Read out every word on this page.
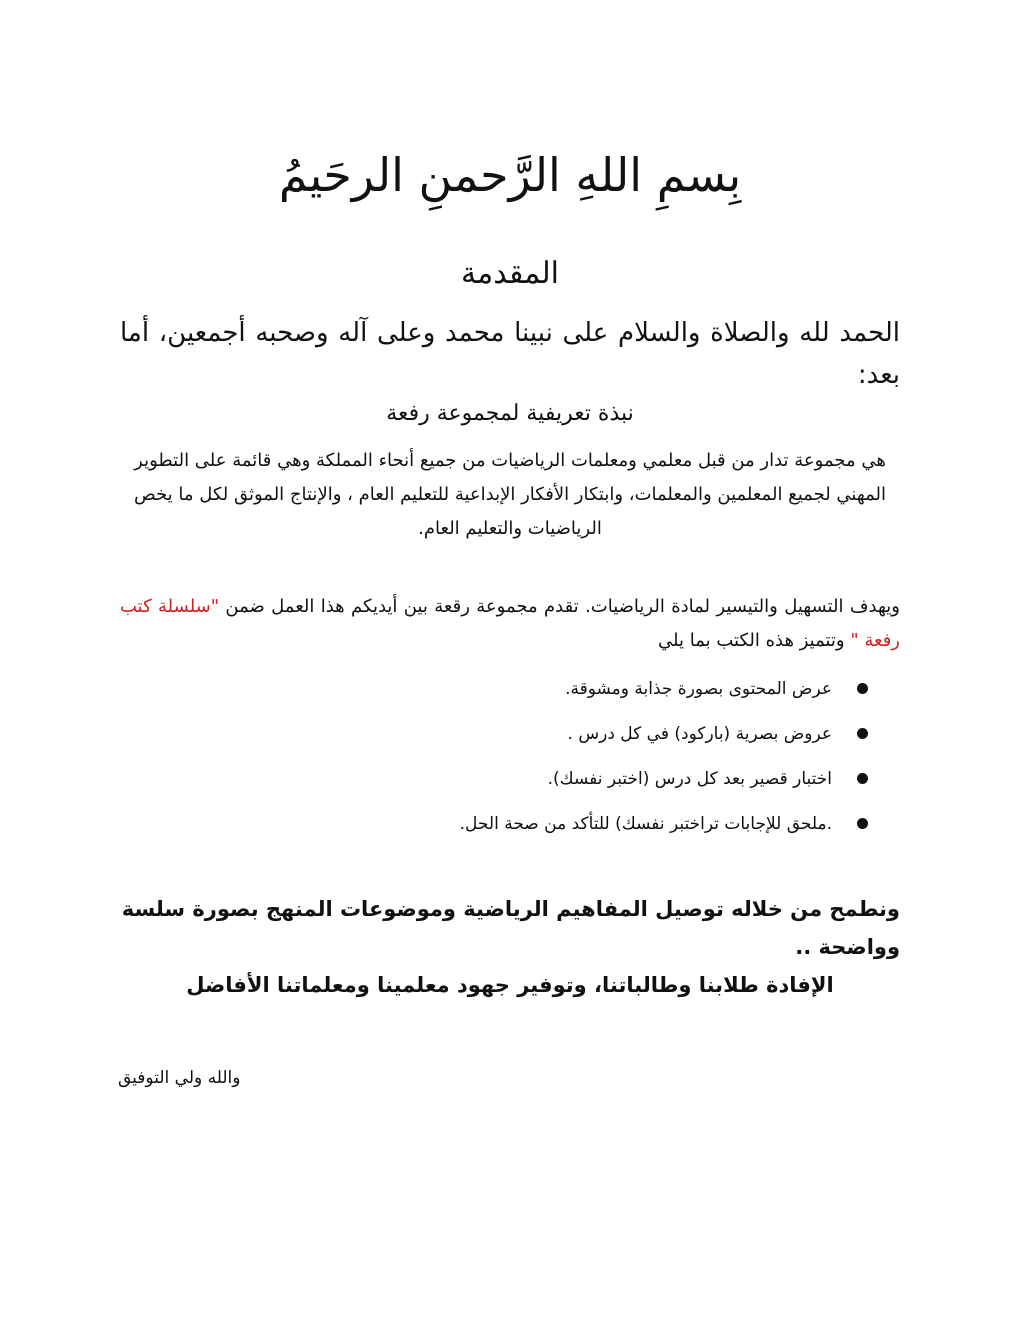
بِسمِ اللهِ الرَّحمنِ الرحَيمُ
المقدمة
الحمد لله والصلاة والسلام على نبينا محمد وعلى آله وصحبه أجمعين، أما بعد:
نبذة تعريفية لمجموعة رفعة
هي مجموعة تدار من قبل معلمي ومعلمات الرياضيات من جميع أنحاء المملكة وهي قائمة على التطوير المهني لجميع المعلمين والمعلمات، وابتكار الأفكار الإبداعية للتعليم العام ، والإنتاج الموثق لكل ما يخص الرياضيات والتعليم العام.
ويهدف التسهيل والتيسير لمادة الرياضيات. تقدم مجموعة رقعة بين أيديكم هذا العمل ضمن "سلسلة كتب رفعة " وتتميز هذه الكتب بما يلي
عرض المحتوى بصورة جذابة ومشوقة.
عروض بصرية (باركود) في كل درس .
اختبار قصير بعد كل درس (اختبر نفسك).
.ملحق للإجابات تراختبر نفسك) للتأكد من صحة الحل.
ونطمح من خلاله توصيل المفاهيم الرياضية وموضوعات المنهج بصورة سلسة وواضحة ..
الإفادة طلابنا وطالباتنا، وتوفير جهود معلمينا ومعلماتنا الأفاضل
والله ولي التوفيق
